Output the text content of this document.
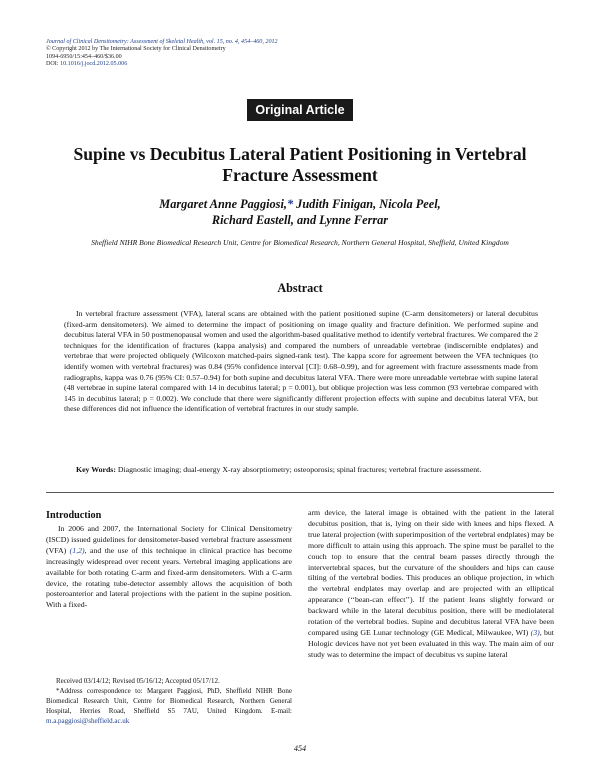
Journal of Clinical Densitometry: Assessment of Skeletal Health, vol. 15, no. 4, 454–460, 2012
© Copyright 2012 by The International Society for Clinical Densitometry
1094-6950/15:454–460/$36.00
DOI: 10.1016/j.jocd.2012.05.006
Original Article
Supine vs Decubitus Lateral Patient Positioning in Vertebral Fracture Assessment
Margaret Anne Paggiosi,* Judith Finigan, Nicola Peel,
Richard Eastell, and Lynne Ferrar
Sheffield NIHR Bone Biomedical Research Unit, Centre for Biomedical Research, Northern General Hospital, Sheffield, United Kingdom
Abstract
In vertebral fracture assessment (VFA), lateral scans are obtained with the patient positioned supine (C-arm densitometers) or lateral decubitus (fixed-arm densitometers). We aimed to determine the impact of positioning on image quality and fracture definition. We performed supine and decubitus lateral VFA in 50 postmenopausal women and used the algorithm-based qualitative method to identify vertebral fractures. We compared the 2 techniques for the identification of fractures (kappa analysis) and compared the numbers of unreadable vertebrae (indiscernible endplates) and vertebrae that were projected obliquely (Wilcoxon matched-pairs signed-rank test). The kappa score for agreement between the VFA techniques (to identify women with vertebral fractures) was 0.84 (95% confidence interval [CI]: 0.68–0.99), and for agreement with fracture assessments made from radiographs, kappa was 0.76 (95% CI: 0.57–0.94) for both supine and decubitus lateral VFA. There were more unreadable vertebrae with supine lateral (48 vertebrae in supine lateral compared with 14 in decubitus lateral; p = 0.001), but oblique projection was less common (93 vertebrae compared with 145 in decubitus lateral; p = 0.002). We conclude that there were significantly different projection effects with supine and decubitus lateral VFA, but these differences did not influence the identification of vertebral fractures in our study sample.
Key Words: Diagnostic imaging; dual-energy X-ray absorptiometry; osteoporosis; spinal fractures; vertebral fracture assessment.
Introduction
In 2006 and 2007, the International Society for Clinical Densitometry (ISCD) issued guidelines for densitometer-based vertebral fracture assessment (VFA) (1,2), and the use of this technique in clinical practice has become increasingly widespread over recent years. Vertebral imaging applications are available for both rotating C-arm and fixed-arm densitometers. With a C-arm device, the rotating tube-detector assembly allows the acquisition of both posteroanterior and lateral projections with the patient in the supine position. With a fixed-
arm device, the lateral image is obtained with the patient in the lateral decubitus position, that is, lying on their side with knees and hips flexed. A true lateral projection (with superimposition of the vertebral endplates) may be more difficult to attain using this approach. The spine must be parallel to the couch top to ensure that the central beam passes directly through the intervertebral spaces, but the curvature of the shoulders and hips can cause tilting of the vertebral bodies. This produces an oblique projection, in which the vertebral endplates may overlap and are projected with an elliptical appearance (‘‘bean-can effect’’). If the patient leans slightly forward or backward while in the lateral decubitus position, there will be mediolateral rotation of the vertebral bodies. Supine and decubitus lateral VFA have been compared using GE Lunar technology (GE Medical, Milwaukee, WI) (3), but Hologic devices have not yet been evaluated in this way. The main aim of our study was to determine the impact of decubitus vs supine lateral

Received 03/14/12; Revised 05/16/12; Accepted 05/17/12.

*Address correspondence to: Margaret Paggiosi, PhD, Sheffield NIHR Bone Biomedical Research Unit, Centre for Biomedical Research, Northern General Hospital, Herries Road, Sheffield S5 7AU, United Kingdom. E-mail: m.a.paggiosi@sheffield.ac.uk

454
